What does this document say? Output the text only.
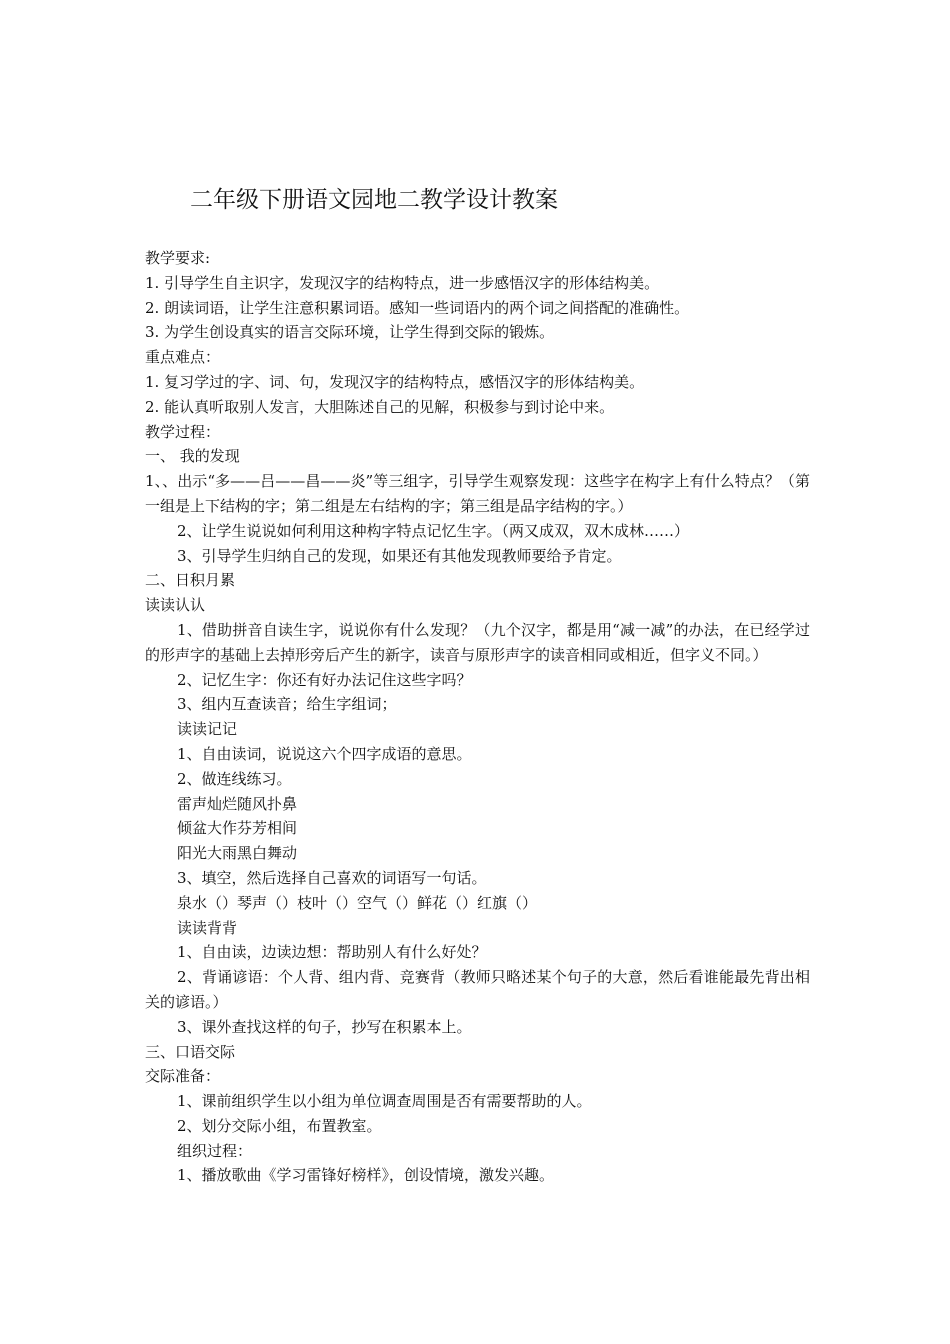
二年级下册语文园地二教学设计教案
教学要求:
1. 引导学生自主识字，发现汉字的结构特点，进一步感悟汉字的形体结构美。
2. 朗读词语，让学生注意积累词语。感知一些词语内的两个词之间搭配的准确性。
3. 为学生创设真实的语言交际环境，让学生得到交际的锻炼。
重点难点：
1. 复习学过的字、词、句，发现汉字的结构特点，感悟汉字的形体结构美。
2. 能认真听取别人发言，大胆陈述自己的见解，积极参与到讨论中来。
教学过程：
一、 我的发现
1、、出示“多——吕——昌——炎”等三组字，引导学生观察发现：这些字在构字上有什么特点？（第一组是上下结构的字；第二组是左右结构的字；第三组是品字结构的字。）
2、让学生说说如何利用这种构字特点记忆生字。（两又成双，双木成林……）
3、引导学生归纳自己的发现，如果还有其他发现教师要给予肯定。
二、日积月累
读读认认
1、借助拼音自读生字，说说你有什么发现？（九个汉字，都是用“减一减”的办法，在已经学过的形声字的基础上去掉形旁后产生的新字，读音与原形声字的读音相同或相近，但字义不同。）
2、记忆生字：你还有好办法记住这些字吗？
3、组内互查读音；给生字组词；
读读记记
1、自由读词，说说这六个四字成语的意思。
2、做连线练习。
雷声灿烂随风扑鼻
倾盆大作芬芳相间
阳光大雨黑白舞动
3、填空，然后选择自己喜欢的词语写一句话。
泉水（）琴声（）枝叶（）空气（）鲜花（）红旗（）
读读背背
1、自由读，边读边想：帮助别人有什么好处？
2、背诵谚语：个人背、组内背、竞赛背（教师只略述某个句子的大意，然后看谁能最先背出相关的谚语。）
3、课外查找这样的句子，抄写在积累本上。
三、口语交际
交际准备：
1、课前组织学生以小组为单位调查周围是否有需要帮助的人。
2、划分交际小组，布置教室。
组织过程：
1、播放歌曲《学习雷锋好榜样》，创设情境，激发兴趣。
